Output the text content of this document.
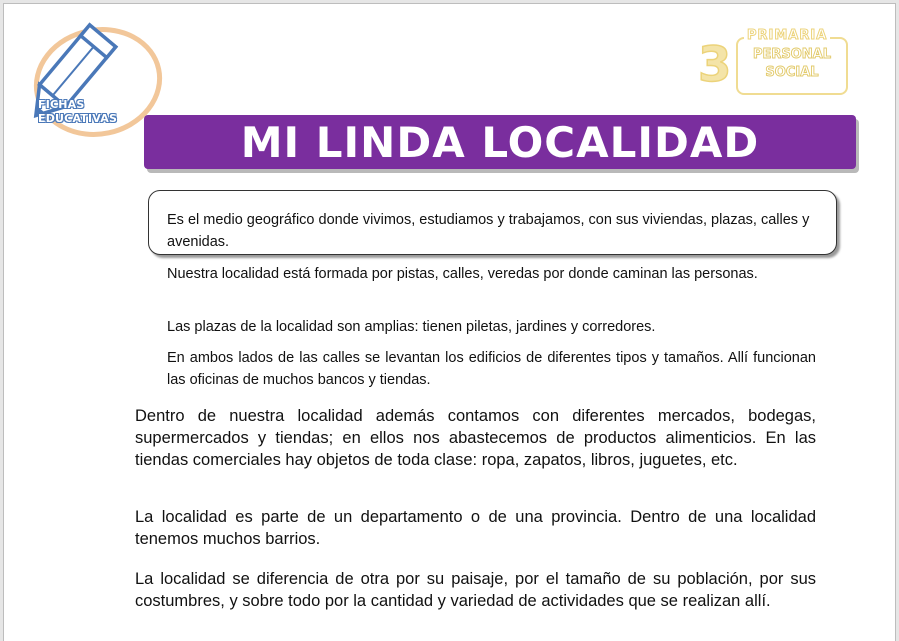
FICHAS
EDUCATIVAS
3
PRIMARIA
PERSONAL
SOCIAL
MI LINDA LOCALIDAD
Es el medio geográfico donde vivimos, estudiamos y trabajamos, con sus viviendas, plazas, calles y avenidas.

Nuestra localidad está formada por pistas, calles, veredas por donde caminan las personas.

Las plazas de la localidad son amplias: tienen piletas, jardines y corredores.

En ambos lados de las calles se levantan los edificios de diferentes tipos y tamaños. Allí funcionan las oficinas de muchos bancos y tiendas.

Dentro de nuestra localidad además contamos con diferentes mercados, bodegas, supermercados y tiendas; en ellos nos abastecemos de productos alimenticios. En las tiendas comerciales hay objetos de toda clase: ropa, zapatos, libros, juguetes, etc.

La localidad es parte de un departamento o de una provincia. Dentro de una localidad tenemos muchos barrios.

La localidad se diferencia de otra por su paisaje, por el tamaño de su población, por sus costumbres, y sobre todo por la cantidad y variedad de actividades que se realizan allí.
